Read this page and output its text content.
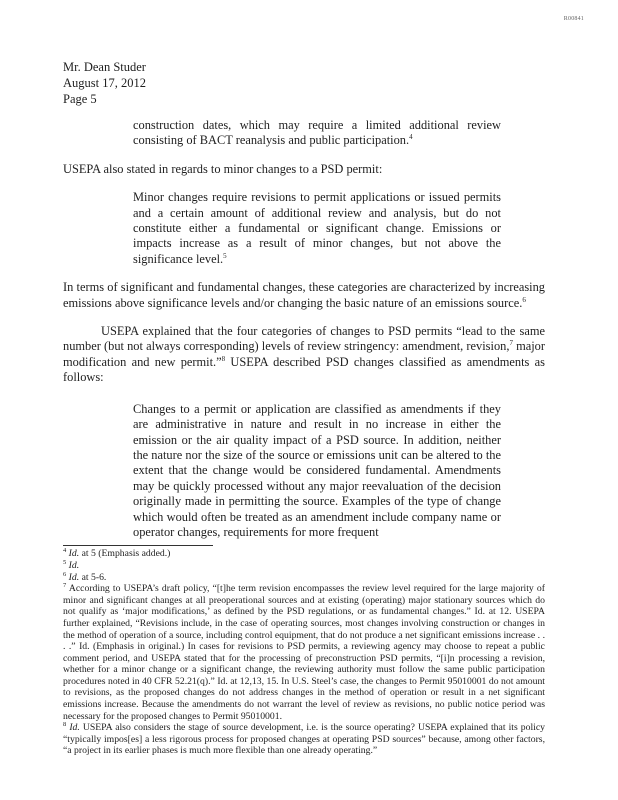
R00841
Mr. Dean Studer
August 17, 2012
Page 5

construction dates, which may require a limited additional review consisting of BACT reanalysis and public participation.$^4$

USEPA also stated in regards to minor changes to a PSD permit:

Minor changes require revisions to permit applications or issued permits and a certain amount of additional review and analysis, but do not constitute either a fundamental or significant change. Emissions or impacts increase as a result of minor changes, but not above the significance level.$^5$

In terms of significant and fundamental changes, these categories are characterized by increasing emissions above significance levels and/or changing the basic nature of an emissions source.$^6$

USEPA explained that the four categories of changes to PSD permits “lead to the same number (but not always corresponding) levels of review stringency: amendment, revision,$^7$ major modification and new permit.”$^8$ USEPA described PSD changes classified as amendments as follows:

Changes to a permit or application are classified as amendments if they are administrative in nature and result in no increase in either the emission or the air quality impact of a PSD source. In addition, neither the nature nor the size of the source or emissions unit can be altered to the extent that the change would be considered fundamental. Amendments may be quickly processed without any major reevaluation of the decision originally made in permitting the source. Examples of the type of change which would often be treated as an amendment include company name or operator changes, requirements for more frequent

$^4$ Id. at 5 (Emphasis added.)

$^5$ Id.

$^6$ Id. at 5-6.

$^7$ According to USEPA’s draft policy, “[t]he term revision encompasses the review level required for the large majority of minor and significant changes at all preoperational sources and at existing (operating) major stationary sources which do not qualify as ‘major modifications,’ as defined by the PSD regulations, or as fundamental changes.” Id. at 12. USEPA further explained, “Revisions include, in the case of operating sources, most changes involving construction or changes in the method of operation of a source, including control equipment, that do not produce a net significant emissions increase . . . .” Id. (Emphasis in original.) In cases for revisions to PSD permits, a reviewing agency may choose to repeat a public comment period, and USEPA stated that for the processing of preconstruction PSD permits, “[i]n processing a revision, whether for a minor change or a significant change, the reviewing authority must follow the same public participation procedures noted in 40 CFR 52.21(q).” Id. at 12,13, 15. In U.S. Steel’s case, the changes to Permit 95010001 do not amount to revisions, as the proposed changes do not address changes in the method of operation or result in a net significant emissions increase. Because the amendments do not warrant the level of review as revisions, no public notice period was necessary for the proposed changes to Permit 95010001.

$^8$ Id. USEPA also considers the stage of source development, i.e. is the source operating? USEPA explained that its policy “typically impos[es] a less rigorous process for proposed changes at operating PSD sources” because, among other factors, “a project in its earlier phases is much more flexible than one already operating.”
